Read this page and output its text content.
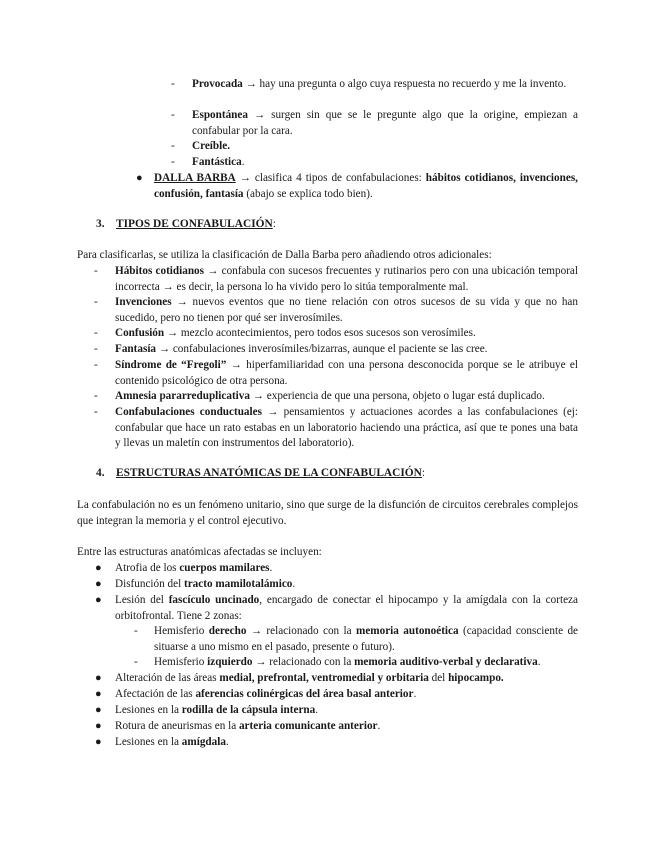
- Provocada → hay una pregunta o algo cuya respuesta no recuerdo y me la invento.

- Espontánea → surgen sin que se le pregunte algo que la origine, empiezan a confabular por la cara.

- Creíble.

- Fantástica.

● DALLA BARBA → clasifica 4 tipos de confabulaciones: hábitos cotidianos, invenciones, confusión, fantasía (abajo se explica todo bien).

3. TIPOS DE CONFABULACIÓN:

Para clasificarlas, se utiliza la clasificación de Dalla Barba pero añadiendo otros adicionales:

- Hábitos cotidianos → confabula con sucesos frecuentes y rutinarios pero con una ubicación temporal incorrecta → es decir, la persona lo ha vivido pero lo sitúa temporalmente mal.

- Invenciones → nuevos eventos que no tiene relación con otros sucesos de su vida y que no han sucedido, pero no tienen por qué ser inverosímiles.

- Confusión → mezclo acontecimientos, pero todos esos sucesos son verosímiles.

- Fantasía → confabulaciones inverosímiles/bizarras, aunque el paciente se las cree.

- Síndrome de “Fregoli” → hiperfamiliaridad con una persona desconocida porque se le atribuye el contenido psicológico de otra persona.

- Amnesia pararreduplicativa → experiencia de que una persona, objeto o lugar está duplicado.

- Confabulaciones conductuales → pensamientos y actuaciones acordes a las confabulaciones (ej: confabular que hace un rato estabas en un laboratorio haciendo una práctica, así que te pones una bata y llevas un maletín con instrumentos del laboratorio).

4. ESTRUCTURAS ANATÓMICAS DE LA CONFABULACIÓN:

La confabulación no es un fenómeno unitario, sino que surge de la disfunción de circuitos cerebrales complejos que integran la memoria y el control ejecutivo.

Entre las estructuras anatómicas afectadas se incluyen:

● Atrofia de los cuerpos mamilares.

● Disfunción del tracto mamilotalámico.

● Lesión del fascículo uncinado, encargado de conectar el hipocampo y la amígdala con la corteza orbitofrontal. Tiene 2 zonas:

- Hemisferio derecho → relacionado con la memoria autonoética (capacidad consciente de situarse a uno mismo en el pasado, presente o futuro).

- Hemisferio izquierdo → relacionado con la memoria auditivo-verbal y declarativa.

● Alteración de las áreas medial, prefrontal, ventromedial y orbitaria del hipocampo.

● Afectación de las aferencias colinérgicas del área basal anterior.

● Lesiones en la rodilla de la cápsula interna.

● Rotura de aneurismas en la arteria comunicante anterior.

● Lesiones en la amígdala.
